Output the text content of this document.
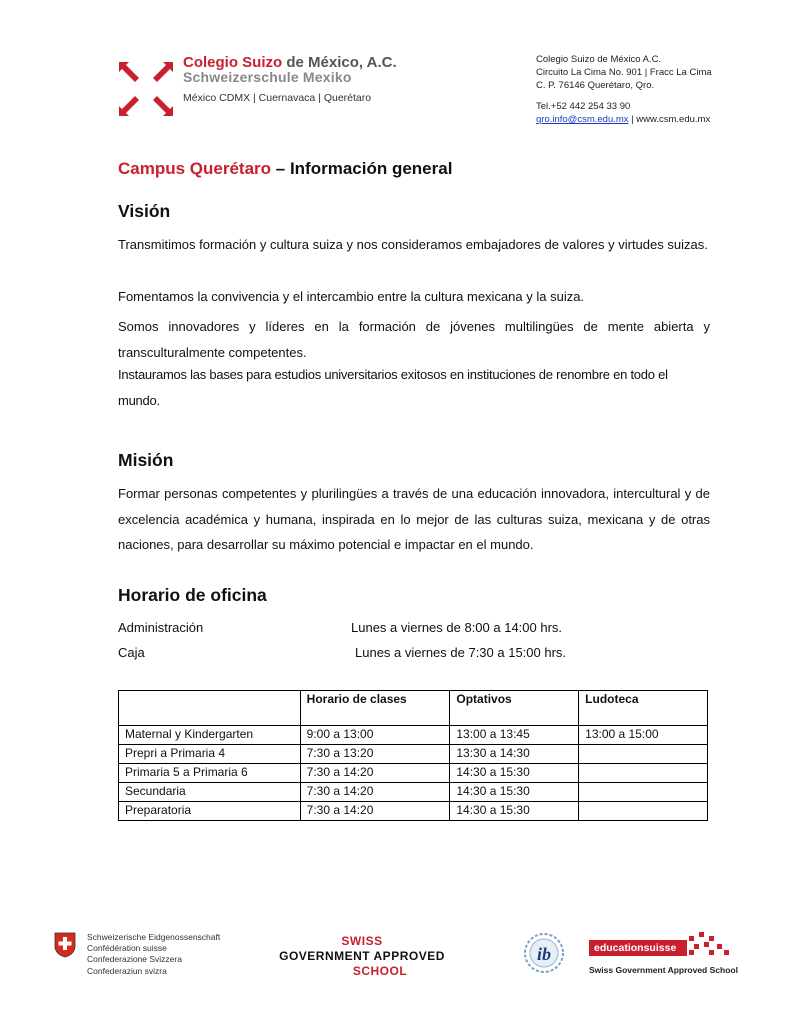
Colegio Suizo de México, A.C.
Schweizerschule Mexiko
México CDMX | Cuernavaca | Querétaro
Colegio Suizo de México A.C.
Circuito La Cima No. 901 | Fracc La Cima
C. P. 76146 Querétaro, Qro.
Tel.+52 442 254 33 90
qro.info@csm.edu.mx | www.csm.edu.mx
Campus Querétaro – Información general
Visión
Transmitimos formación y cultura suiza y nos consideramos embajadores de valores y virtudes suizas.
Fomentamos la convivencia y el intercambio entre la cultura mexicana y la suiza.
Somos innovadores y líderes en la formación de jóvenes multilingües de mente abierta y transculturalmente competentes.
Instauramos las bases para estudios universitarios exitosos en instituciones de renombre en todo el mundo.
Misión
Formar personas competentes y plurilingües a través de una educación innovadora, intercultural y de excelencia académica y humana, inspirada en lo mejor de las culturas suiza, mexicana y de otras naciones, para desarrollar su máximo potencial e impactar en el mundo.
Horario de oficina
Administración	Lunes a viernes de 8:00 a 14:00 hrs.
Caja	Lunes a viernes de 7:30 a 15:00 hrs.
	Horario de clases	Optativos	Ludoteca
Maternal y Kindergarten	9:00 a 13:00	13:00 a 13:45	13:00 a 15:00
Prepri a Primaria 4	7:30 a 13:20	13:30 a 14:30	
Primaria 5 a Primaria 6	7:30 a 14:20	14:30 a 15:30	
Secundaria	7:30 a 14:20	14:30 a 15:30	
Preparatoria	7:30 a 14:20	14:30 a 15:30	
Schweizerische Eidgenossenschaft
Confédération suisse
Confederazione Svizzera
Confederaziun svizra
SWISS
GOVERNMENT APPROVED
SCHOOL
ib	educationsuisse
Swiss Government Approved School
